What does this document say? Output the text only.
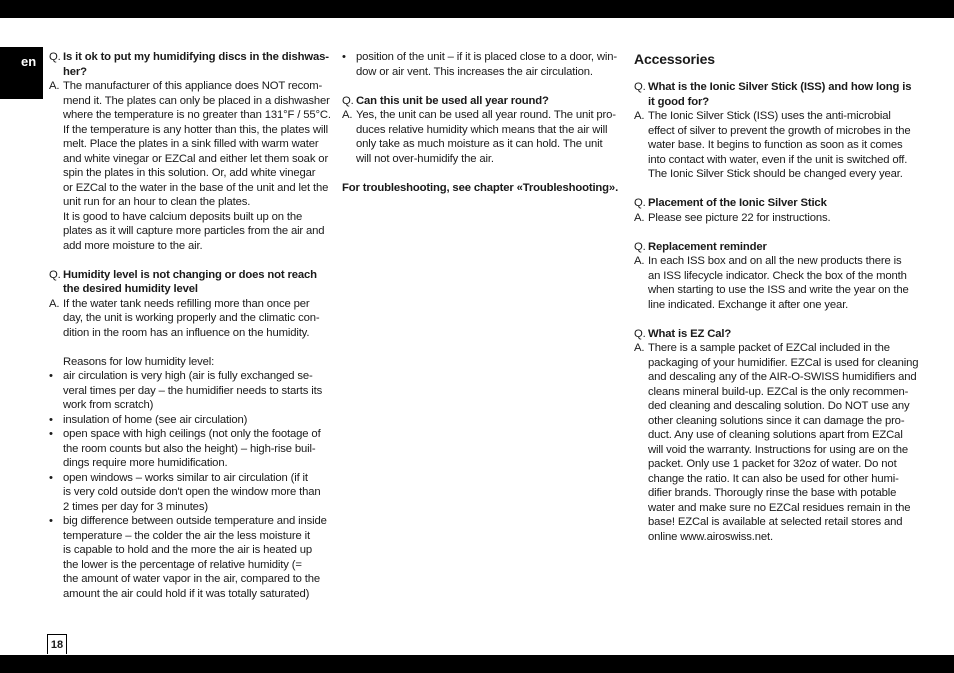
en	Q. Is it ok to put my humidifying discs in the dishwas-
her?
A. The manufacturer of this appliance does NOT recom-
mend it. The plates can only be placed in a dishwasher
where the temperature is no greater than 131°F / 55°C.
If the temperature is any hotter than this, the plates will
melt. Place the plates in a sink filled with warm water
and white vinegar or EZCal and either let them soak or
spin the plates in this solution. Or, add white vinegar
or EZCal to the water in the base of the unit and let the
unit run for an hour to clean the plates.
It is good to have calcium deposits built up on the
plates as it will capture more particles from the air and
add more moisture to the air.
Q. Humidity level is not changing or does not reach
the desired humidity level
A. If the water tank needs refilling more than once per
day, the unit is working properly and the climatic con-
dition in the room has an influence on the humidity.
Reasons for low humidity level:
• air circulation is very high (air is fully exchanged se-
veral times per day – the humidifier needs to starts its
work from scratch)
• insulation of home (see air circulation)
• open space with high ceilings (not only the footage of
the room counts but also the height) – high-rise buil-
dings require more humidification.
• open windows – works similar to air circulation (if it
is very cold outside don't open the window more than
2 times per day for 3 minutes)
• big difference between outside temperature and inside
temperature – the colder the air the less moisture it
is capable to hold and the more the air is heated up
the lower is the percentage of relative humidity (=
the amount of water vapor in the air, compared to the
amount the air could hold if it was totally saturated)
• position of the unit – if it is placed close to a door, win-
dow or air vent. This increases the air circulation.
Q. Can this unit be used all year round?
A. Yes, the unit can be used all year round. The unit pro-
duces relative humidity which means that the air will
only take as much moisture as it can hold. The unit
will not over-humidify the air.
For troubleshooting, see chapter «Troubleshooting».
Accessories
Q. What is the Ionic Silver Stick (ISS) and how long is
it good for?
A. The Ionic Silver Stick (ISS) uses the anti-microbial
effect of silver to prevent the growth of microbes in the
water base. It begins to function as soon as it comes
into contact with water, even if the unit is switched off.
The Ionic Silver Stick should be changed every year.
Q. Placement of the Ionic Silver Stick
A. Please see picture 22 for instructions.
Q. Replacement reminder
A. In each ISS box and on all the new products there is
an ISS lifecycle indicator. Check the box of the month
when starting to use the ISS and write the year on the
line indicated. Exchange it after one year.
Q. What is EZ Cal?
A. There is a sample packet of EZCal included in the
packaging of your humidifier. EZCal is used for cleaning
and descaling any of the AIR-O-SWISS humidifiers and
cleans mineral build-up. EZCal is the only recommen-
ded cleaning and descaling solution. Do NOT use any
other cleaning solutions since it can damage the pro-
duct. Any use of cleaning solutions apart from EZCal
will void the warranty. Instructions for using are on the
packet. Only use 1 packet for 32oz of water. Do not
change the ratio. It can also be used for other humi-
difier brands. Thorougly rinse the base with potable
water and make sure no EZCal residues remain in the
base! EZCal is available at selected retail stores and
online www.airoswiss.net.
18
